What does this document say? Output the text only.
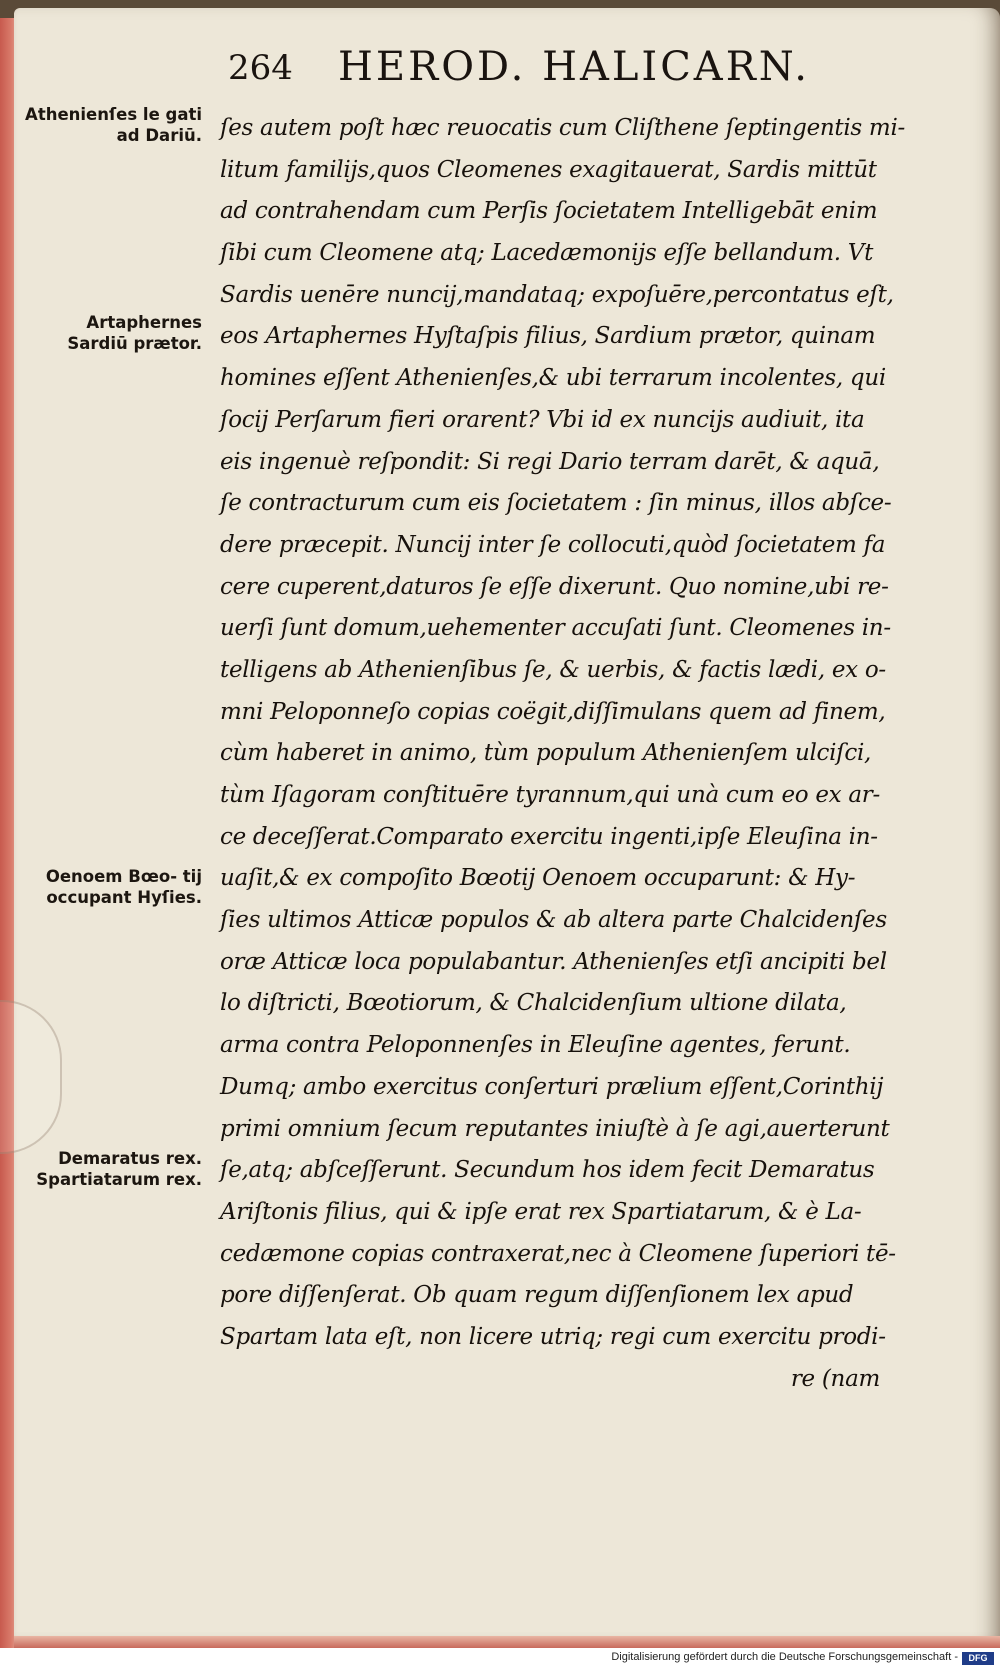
264 HEROD. HALICARN.
Athenienſes le gati ad Dariū.
Artaphernes Sardiū prætor.
Oenoem Bœo- tij occupant Hyſies.
Demaratus rex. Spartiatarum rex.
ſes autem poſt hæc reuocatis cum Cliſthene ſeptingentis mi-
litum familijs,quos Cleomenes exagitauerat, Sardis mittūt
ad contrahendam cum Perſis ſocietatem Intelligebāt enim
ſibi cum Cleomene atq; Lacedæmonijs eſſe bellandum. Vt
Sardis uenēre nuncij,mandataq; expoſuēre,percontatus eſt,
eos Artaphernes Hyſtaſpis filius, Sardium prætor, quinam
homines eſſent Athenienſes,& ubi terrarum incolentes, qui
ſocij Perſarum fieri orarent? Vbi id ex nuncijs audiuit, ita
eis ingenuè reſpondit: Si regi Dario terram darēt, & aquā,
ſe contracturum cum eis ſocietatem : ſin minus, illos abſce-
dere præcepit. Nuncij inter ſe collocuti,quòd ſocietatem fa
cere cuperent,daturos ſe eſſe dixerunt. Quo nomine,ubi re-
uerſi ſunt domum,uehementer accuſati ſunt. Cleomenes in-
telligens ab Athenienſibus ſe, & uerbis, & factis lædi, ex o-
mni Peloponneſo copias coëgit,diſſimulans quem ad finem,
cùm haberet in animo, tùm populum Athenienſem ulciſci,
tùm Iſagoram conſtituēre tyrannum,qui unà cum eo ex ar-
ce deceſſerat.Comparato exercitu ingenti,ipſe Eleuſina in-
uaſit,& ex compoſito Bœotij Oenoem occuparunt: & Hy-
ſies ultimos Atticæ populos & ab altera parte Chalcidenſes
oræ Atticæ loca populabantur. Athenienſes etſi ancipiti bel
lo diſtricti, Bœotiorum, & Chalcidenſium ultione dilata,
arma contra Peloponnenſes in Eleuſine agentes, ferunt.
Dumq; ambo exercitus conſerturi prælium eſſent,Corinthij
primi omnium ſecum reputantes iniuſtè à ſe agi,auerterunt
ſe,atq; abſceſſerunt. Secundum hos idem fecit Demaratus
Ariſtonis filius, qui & ipſe erat rex Spartiatarum, & è La-
cedæmone copias contraxerat,nec à Cleomene ſuperiori tē-
pore diſſenſerat. Ob quam regum diſſenſionem lex apud
Spartam lata eſt, non licere utriq; regi cum exercitu prodi-
re (nam
Digitalisierung gefördert durch die Deutsche Forschungsgemeinschaft -	DFG
